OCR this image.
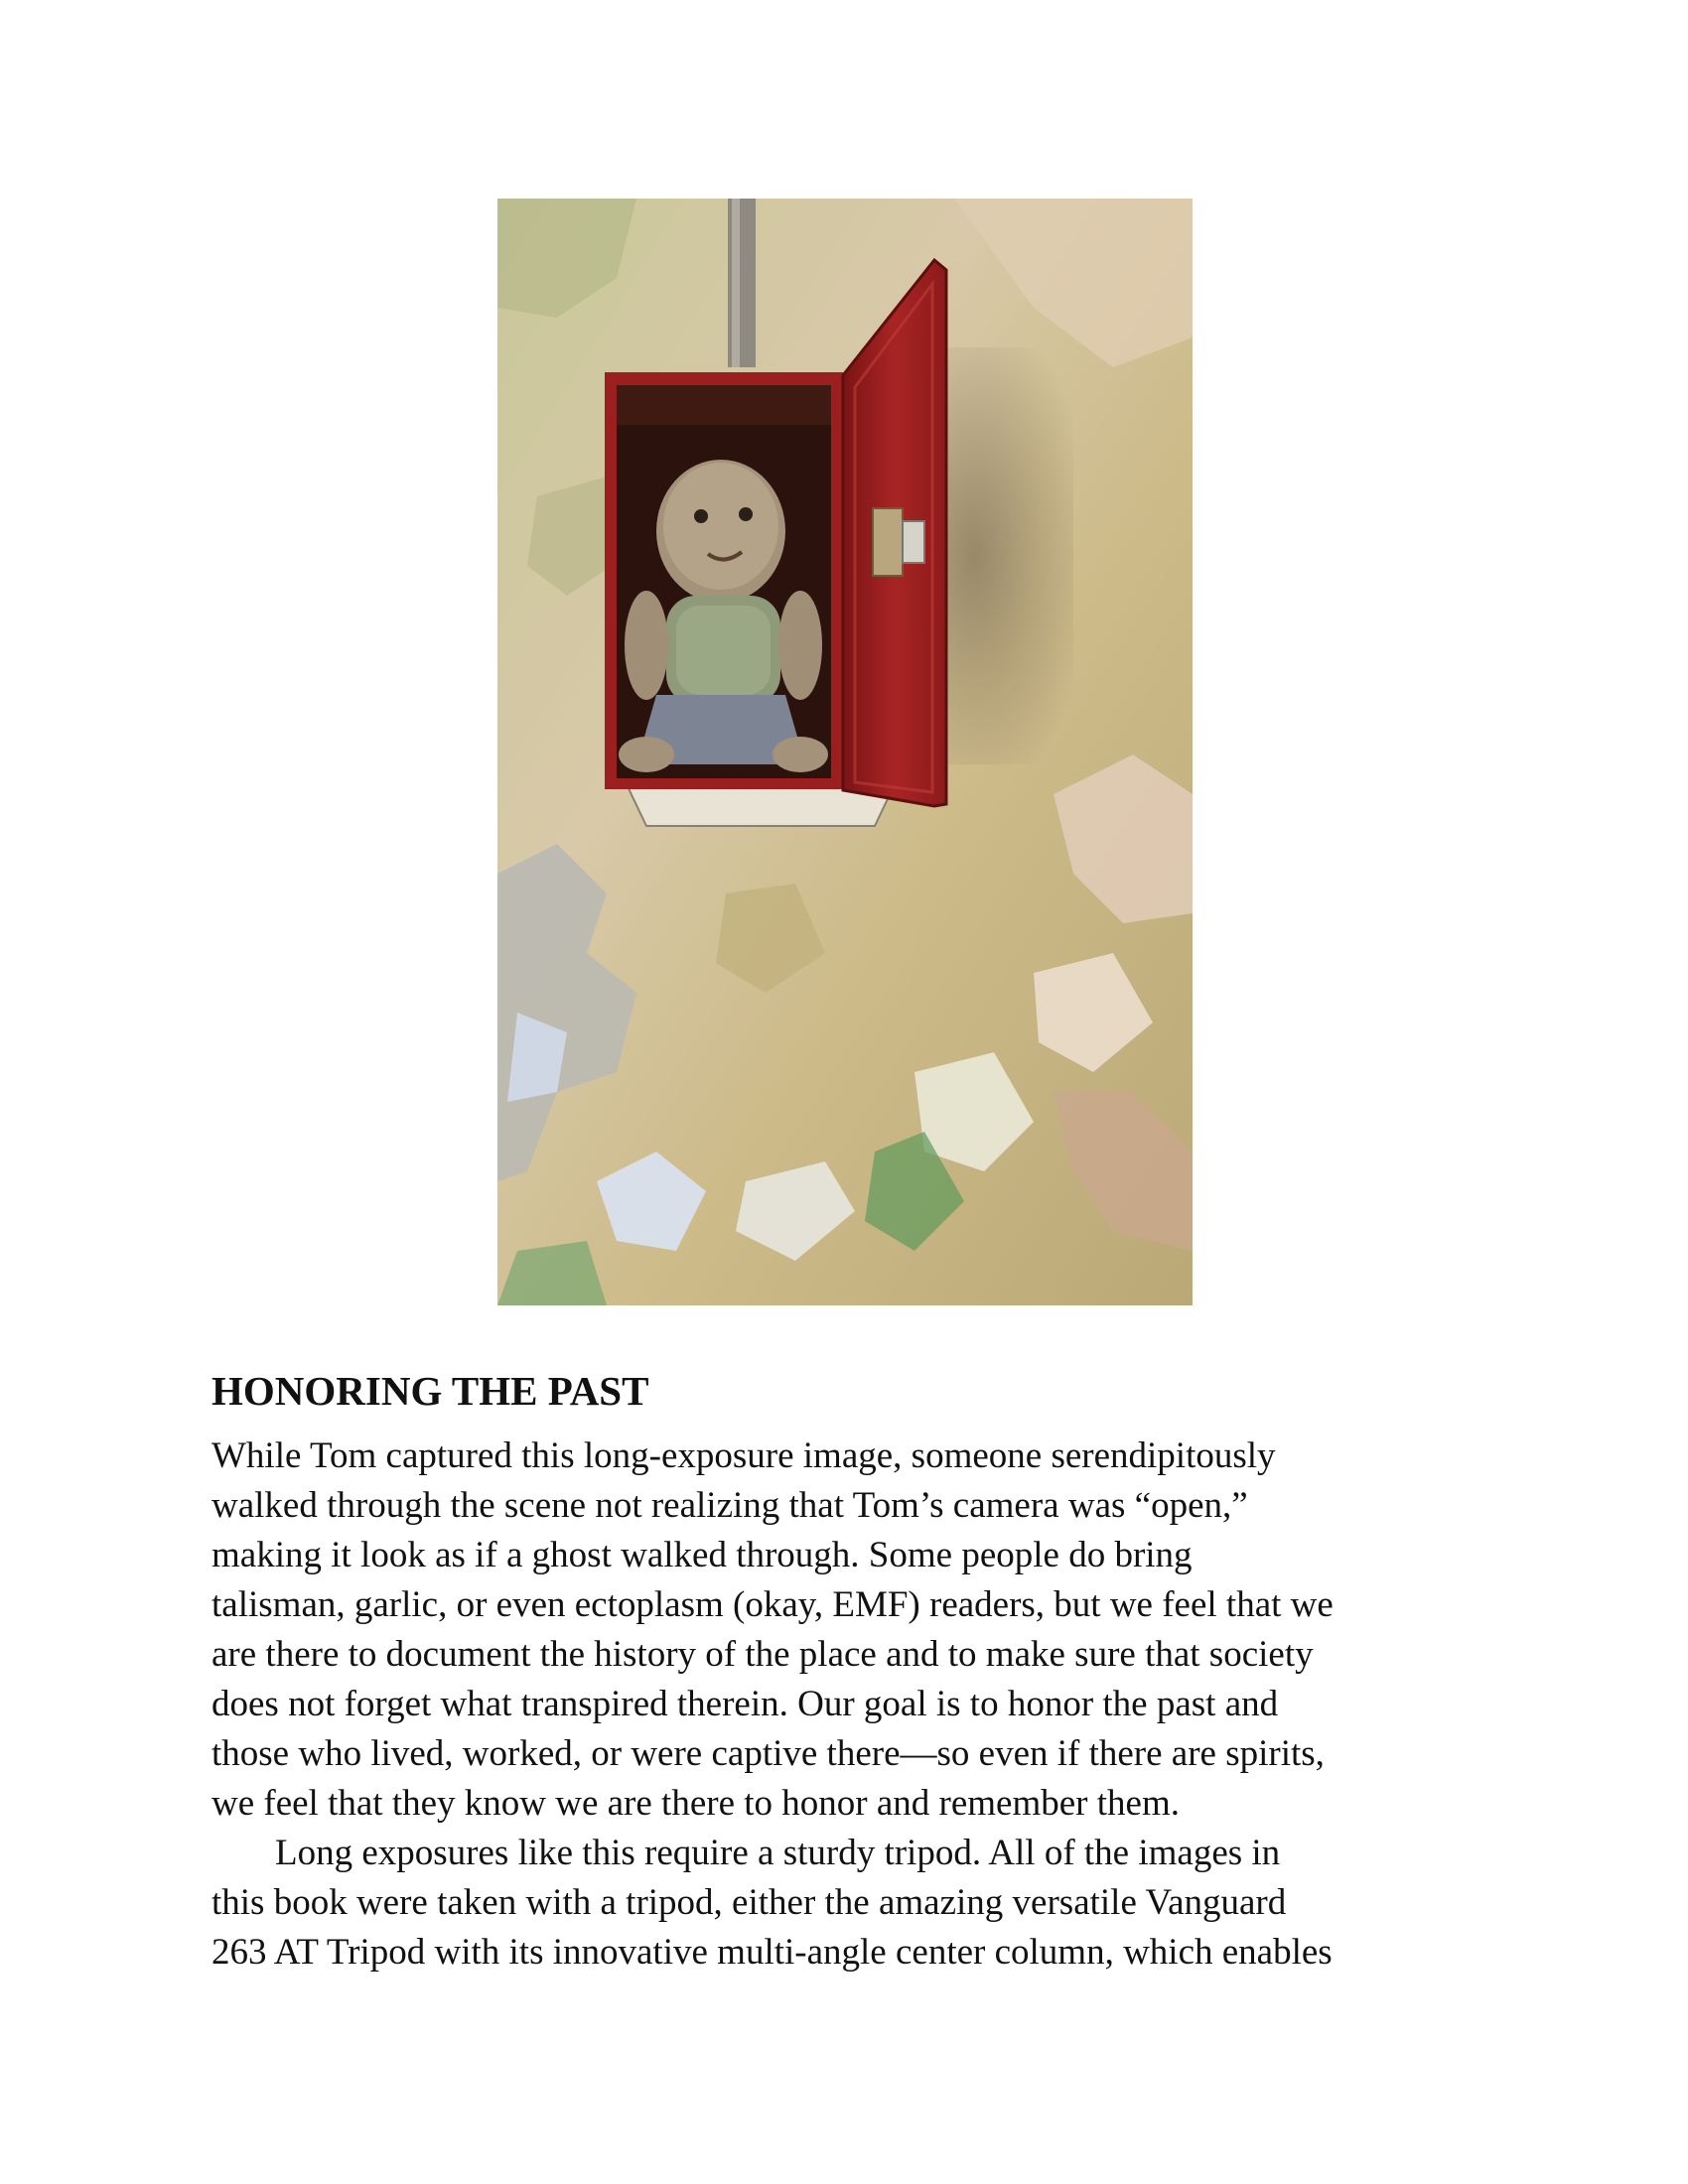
HONORING THE PAST
While Tom captured this long-exposure image, someone serendipitously
walked through the scene not realizing that Tom’s camera was “open,”
making it look as if a ghost walked through. Some people do bring
talisman, garlic, or even ectoplasm (okay, EMF) readers, but we feel that we
are there to document the history of the place and to make sure that society
does not forget what transpired therein. Our goal is to honor the past and
those who lived, worked, or were captive there—so even if there are spirits,
we feel that they know we are there to honor and remember them.
Long exposures like this require a sturdy tripod. All of the images in
this book were taken with a tripod, either the amazing versatile Vanguard
263 AT Tripod with its innovative multi-angle center column, which enables
